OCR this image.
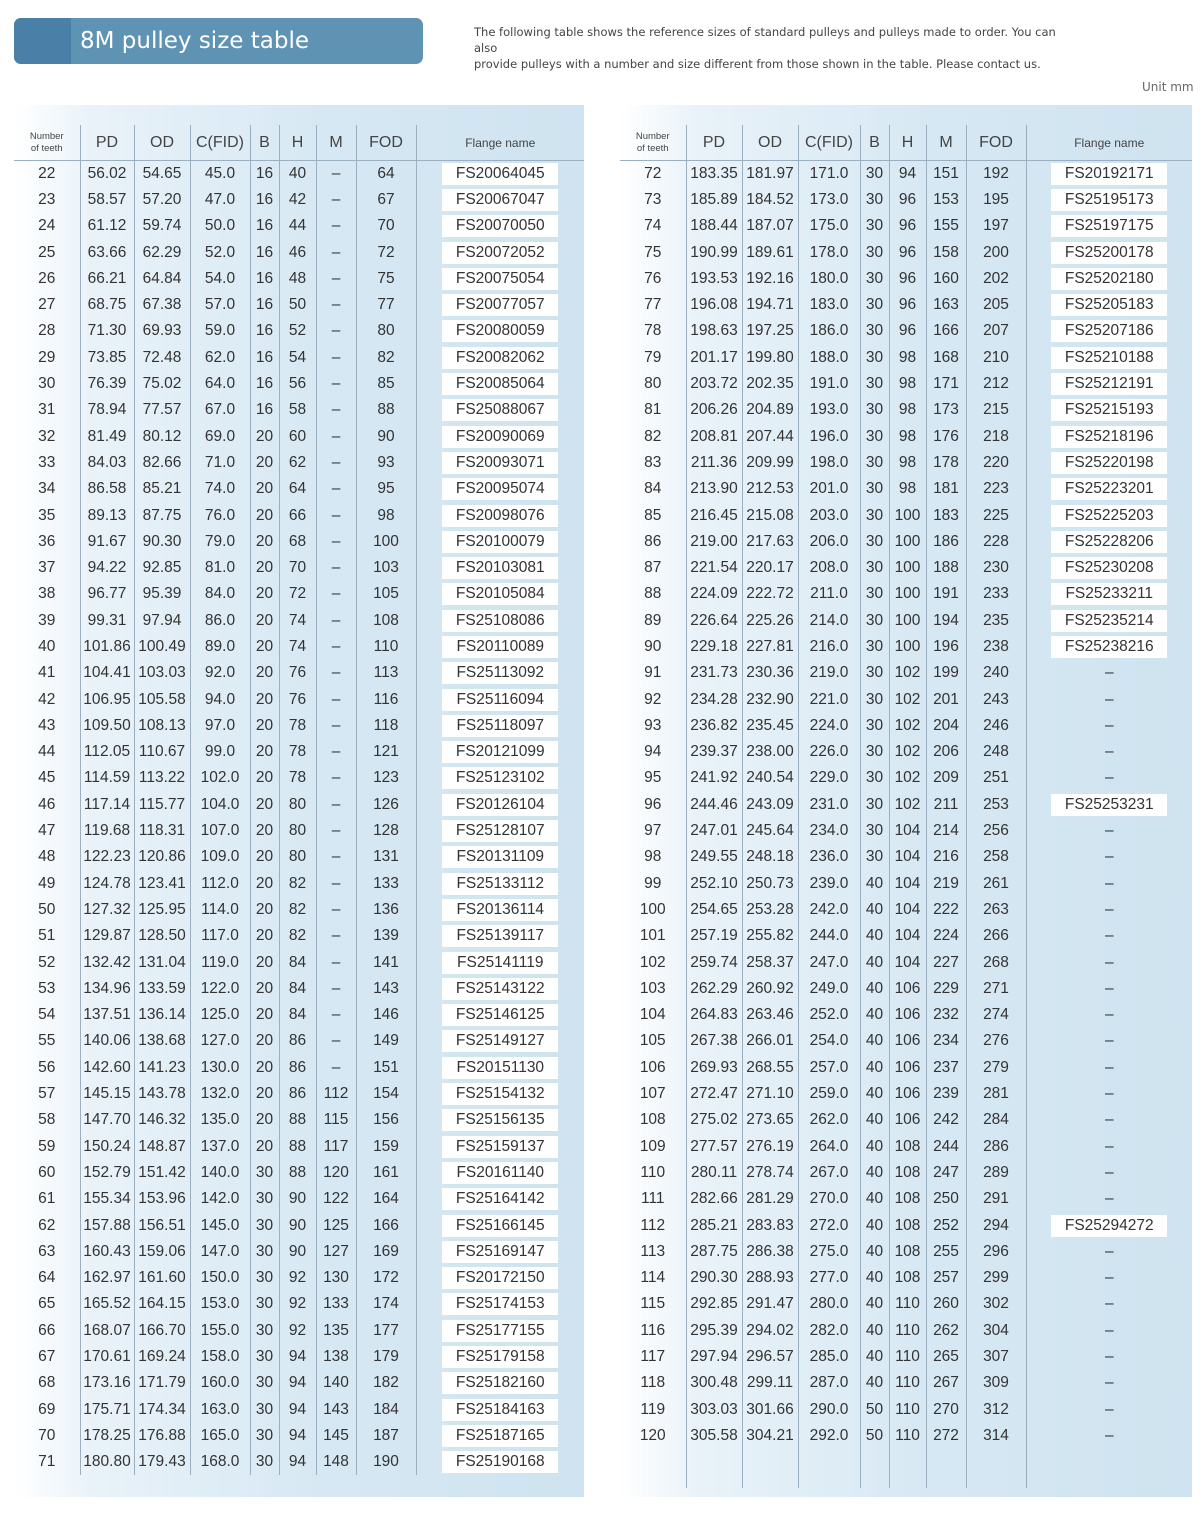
8M pulley size table	The following table shows the reference sizes of standard pulleys and pulleys made to order. You can also
provide pulleys with a number and size different from those shown in the table. Please contact us.
Unit mm
Number
of teeth	PD	OD	C(FID)	B	H	M	FOD	Flange name
22	56.02	54.65	45.0	16	40	–	64	FS20064045
23	58.57	57.20	47.0	16	42	–	67	FS20067047
24	61.12	59.74	50.0	16	44	–	70	FS20070050
25	63.66	62.29	52.0	16	46	–	72	FS20072052
26	66.21	64.84	54.0	16	48	–	75	FS20075054
27	68.75	67.38	57.0	16	50	–	77	FS20077057
28	71.30	69.93	59.0	16	52	–	80	FS20080059
29	73.85	72.48	62.0	16	54	–	82	FS20082062
30	76.39	75.02	64.0	16	56	–	85	FS20085064
31	78.94	77.57	67.0	16	58	–	88	FS25088067
32	81.49	80.12	69.0	20	60	–	90	FS20090069
33	84.03	82.66	71.0	20	62	–	93	FS20093071
34	86.58	85.21	74.0	20	64	–	95	FS20095074
35	89.13	87.75	76.0	20	66	–	98	FS20098076
36	91.67	90.30	79.0	20	68	–	100	FS20100079
37	94.22	92.85	81.0	20	70	–	103	FS20103081
38	96.77	95.39	84.0	20	72	–	105	FS20105084
39	99.31	97.94	86.0	20	74	–	108	FS25108086
40	101.86	100.49	89.0	20	74	–	110	FS20110089
41	104.41	103.03	92.0	20	76	–	113	FS25113092
42	106.95	105.58	94.0	20	76	–	116	FS25116094
43	109.50	108.13	97.0	20	78	–	118	FS25118097
44	112.05	110.67	99.0	20	78	–	121	FS20121099
45	114.59	113.22	102.0	20	78	–	123	FS25123102
46	117.14	115.77	104.0	20	80	–	126	FS20126104
47	119.68	118.31	107.0	20	80	–	128	FS25128107
48	122.23	120.86	109.0	20	80	–	131	FS20131109
49	124.78	123.41	112.0	20	82	–	133	FS25133112
50	127.32	125.95	114.0	20	82	–	136	FS20136114
51	129.87	128.50	117.0	20	82	–	139	FS25139117
52	132.42	131.04	119.0	20	84	–	141	FS25141119
53	134.96	133.59	122.0	20	84	–	143	FS25143122
54	137.51	136.14	125.0	20	84	–	146	FS25146125
55	140.06	138.68	127.0	20	86	–	149	FS25149127
56	142.60	141.23	130.0	20	86	–	151	FS20151130
57	145.15	143.78	132.0	20	86	112	154	FS25154132
58	147.70	146.32	135.0	20	88	115	156	FS25156135
59	150.24	148.87	137.0	20	88	117	159	FS25159137
60	152.79	151.42	140.0	30	88	120	161	FS20161140
61	155.34	153.96	142.0	30	90	122	164	FS25164142
62	157.88	156.51	145.0	30	90	125	166	FS25166145
63	160.43	159.06	147.0	30	90	127	169	FS25169147
64	162.97	161.60	150.0	30	92	130	172	FS20172150
65	165.52	164.15	153.0	30	92	133	174	FS25174153
66	168.07	166.70	155.0	30	92	135	177	FS25177155
67	170.61	169.24	158.0	30	94	138	179	FS25179158
68	173.16	171.79	160.0	30	94	140	182	FS25182160
69	175.71	174.34	163.0	30	94	143	184	FS25184163
70	178.25	176.88	165.0	30	94	145	187	FS25187165
71	180.80	179.43	168.0	30	94	148	190	FS25190168
Number
of teeth	PD	OD	C(FID)	B	H	M	FOD	Flange name
72	183.35	181.97	171.0	30	94	151	192	FS20192171
73	185.89	184.52	173.0	30	96	153	195	FS25195173
74	188.44	187.07	175.0	30	96	155	197	FS25197175
75	190.99	189.61	178.0	30	96	158	200	FS25200178
76	193.53	192.16	180.0	30	96	160	202	FS25202180
77	196.08	194.71	183.0	30	96	163	205	FS25205183
78	198.63	197.25	186.0	30	96	166	207	FS25207186
79	201.17	199.80	188.0	30	98	168	210	FS25210188
80	203.72	202.35	191.0	30	98	171	212	FS25212191
81	206.26	204.89	193.0	30	98	173	215	FS25215193
82	208.81	207.44	196.0	30	98	176	218	FS25218196
83	211.36	209.99	198.0	30	98	178	220	FS25220198
84	213.90	212.53	201.0	30	98	181	223	FS25223201
85	216.45	215.08	203.0	30	100	183	225	FS25225203
86	219.00	217.63	206.0	30	100	186	228	FS25228206
87	221.54	220.17	208.0	30	100	188	230	FS25230208
88	224.09	222.72	211.0	30	100	191	233	FS25233211
89	226.64	225.26	214.0	30	100	194	235	FS25235214
90	229.18	227.81	216.0	30	100	196	238	FS25238216
91	231.73	230.36	219.0	30	102	199	240	–
92	234.28	232.90	221.0	30	102	201	243	–
93	236.82	235.45	224.0	30	102	204	246	–
94	239.37	238.00	226.0	30	102	206	248	–
95	241.92	240.54	229.0	30	102	209	251	–
96	244.46	243.09	231.0	30	102	211	253	FS25253231
97	247.01	245.64	234.0	30	104	214	256	–
98	249.55	248.18	236.0	30	104	216	258	–
99	252.10	250.73	239.0	40	104	219	261	–
100	254.65	253.28	242.0	40	104	222	263	–
101	257.19	255.82	244.0	40	104	224	266	–
102	259.74	258.37	247.0	40	104	227	268	–
103	262.29	260.92	249.0	40	106	229	271	–
104	264.83	263.46	252.0	40	106	232	274	–
105	267.38	266.01	254.0	40	106	234	276	–
106	269.93	268.55	257.0	40	106	237	279	–
107	272.47	271.10	259.0	40	106	239	281	–
108	275.02	273.65	262.0	40	106	242	284	–
109	277.57	276.19	264.0	40	108	244	286	–
110	280.11	278.74	267.0	40	108	247	289	–
111	282.66	281.29	270.0	40	108	250	291	–
112	285.21	283.83	272.0	40	108	252	294	FS25294272
113	287.75	286.38	275.0	40	108	255	296	–
114	290.30	288.93	277.0	40	108	257	299	–
115	292.85	291.47	280.0	40	110	260	302	–
116	295.39	294.02	282.0	40	110	262	304	–
117	297.94	296.57	285.0	40	110	265	307	–
118	300.48	299.11	287.0	40	110	267	309	–
119	303.03	301.66	290.0	50	110	270	312	–
120	305.58	304.21	292.0	50	110	272	314	–
